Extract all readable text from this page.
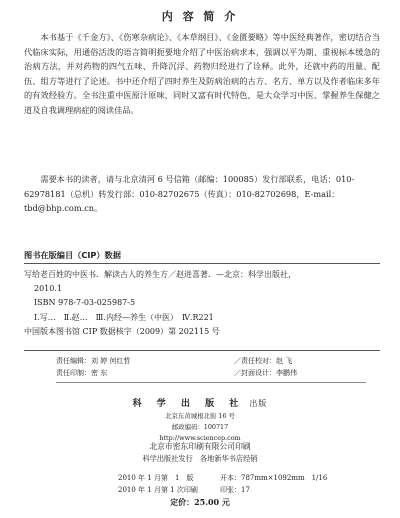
内 容 简 介

本书基于《千金方》、《伤寒杂病论》、《本草纲目》、《金匮要略》等中医经典著作，密切结合当代临床实际，用通俗活泼的语言简明扼要地介绍了中医治病求本，强调以平为期、重视标本缓急的治病方法，并对药物的四气五味、升降沉浮、药物归经进行了诠释。此外，还就中药的用量、配伍、组方等进行了论述。书中还介绍了四时养生及防病治病的古方、名方、单方以及作者临床多年的有效经验方。全书注重中医原汁原味，同时又富有时代特色，是大众学习中医、掌握养生保健之道及自我调理病症的阅读佳品。

需要本书的读者，请与北京清河 6 号信箱（邮编：100085）发行部联系，电话：010-62978181（总机）转发行部：010-82702675（传真）：010-82702698，E-mail：tbd@bhp.com.cn。

图书在版编目（CIP）数据
写给老百姓的中医书．解读古人的养生方／赵进喜著．—北京：科学出版社，
2010.1
ISBN 978-7-03-025987-5
Ⅰ.写…　Ⅱ.赵…　Ⅲ.内经—养生（中医）　Ⅳ.R221
中国版本图书馆 CIP 数据核字（2009）第 202115 号
责任编辑：刘 婷 何红哲	／责任校对：赵 飞
责任印制：密 东	／封面设计：李鹏伟
科 学 出 版 社 出版
北京东黄城根北街 16 号
邮政编码：100717
http://www.sciencep.com
北京市密东印刷有限公司印刷
科学出版社发行　各地新华书店经销
2010 年 1 月第　1　版	开本：787mm×1092mm　1/16
2010 年 1 月第 1 次印刷	印张：17
定价：25.00 元
